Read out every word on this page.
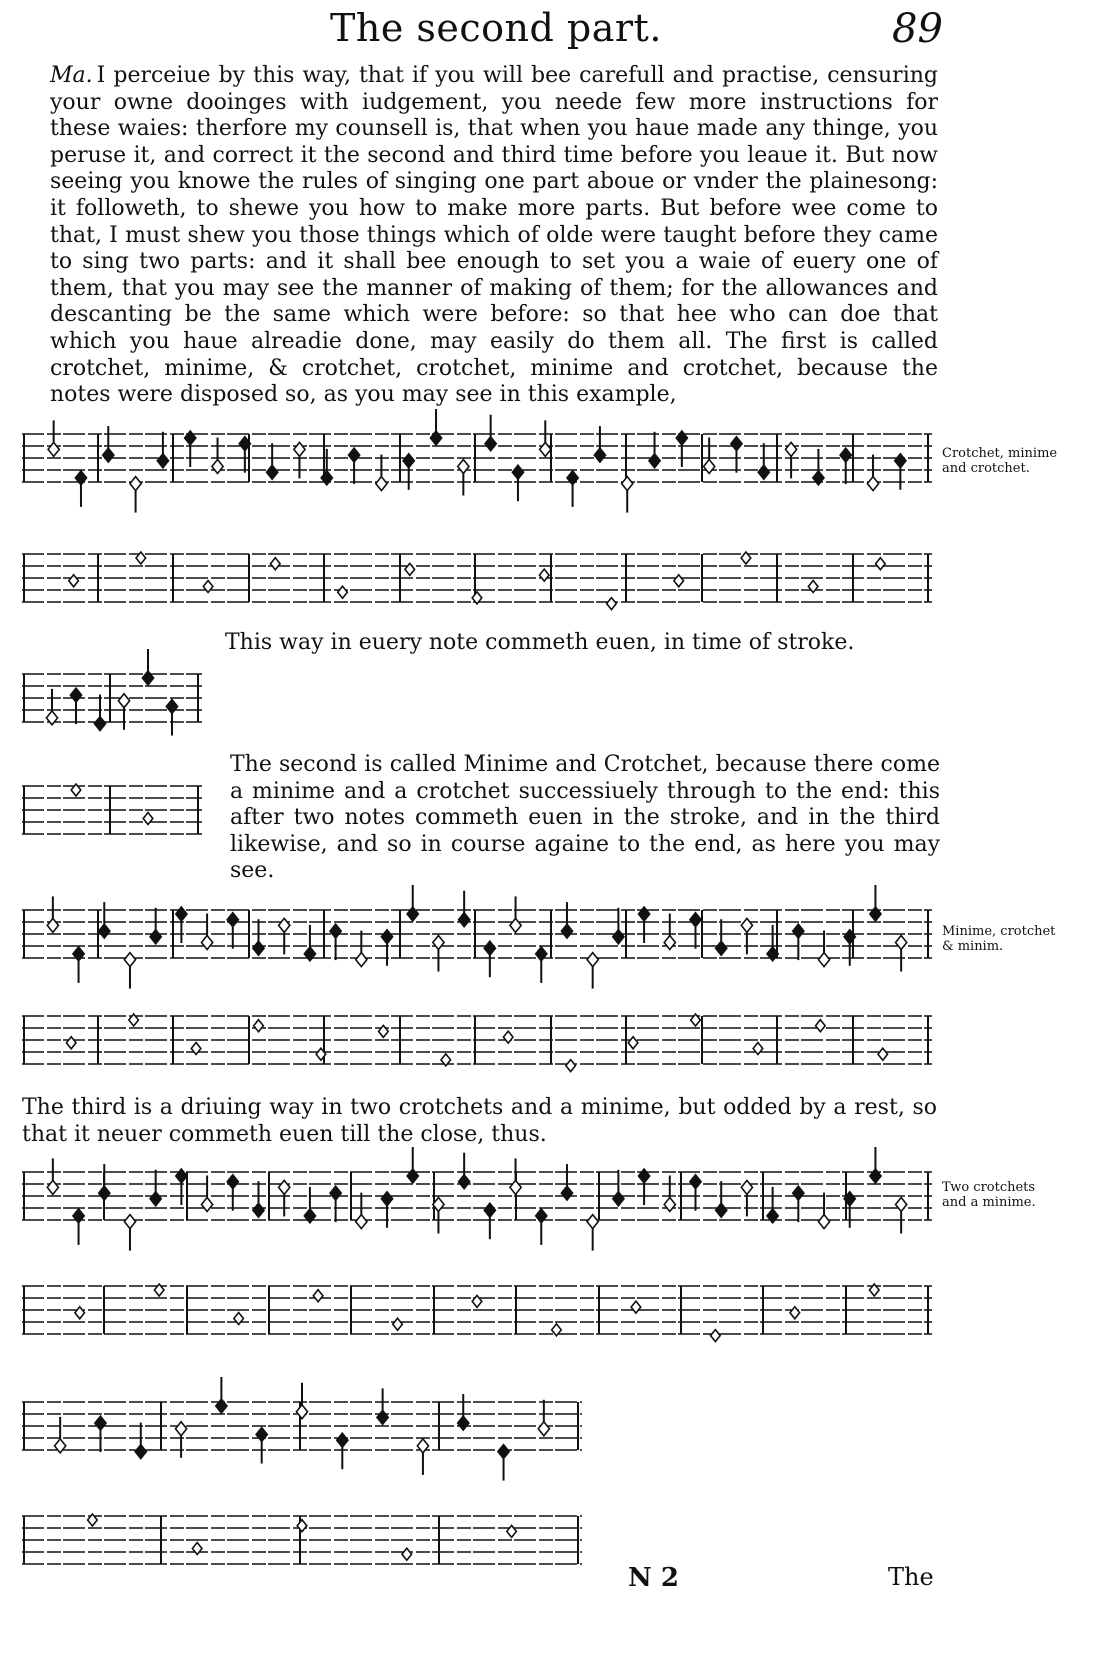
The second part.	89

Ma. I perceiue by this way, that if you will bee carefull and practise, censuring your owne dooinges with iudgement, you neede few more instructions for these waies: therfore my counsell is, that when you haue made any thinge, you peruse it, and correct it the second and third time before you leaue it. But now seeing you knowe the rules of singing one part aboue or vnder the plainesong: it followeth, to shewe you how to make more parts. But before wee come to that, I must shew you those things which of olde were taught before they came to sing two parts: and it shall bee enough to set you a waie of euery one of them, that you may see the manner of making of them; for the allowances and descanting be the same which were before: so that hee who can doe that which you haue alreadie done, may easily do them all. The first is called crotchet, minime, & crotchet, crotchet, minime and crotchet, because the notes were disposed so, as you may see in this example,

Crotchet, minime and crotchet.

This way in euery note commeth euen, in time of stroke.

The second is called Minime and Crotchet, because there come a minime and a crotchet successiuely through to the end: this after two notes commeth euen in the stroke, and in the third likewise, and so in course againe to the end, as here you may see.

Minime, crotchet & minim.

The third is a driuing way in two crotchets and a minime, but odded by a rest, so that it neuer commeth euen till the close, thus.

Two crotchets and a minime.
N 2	The
